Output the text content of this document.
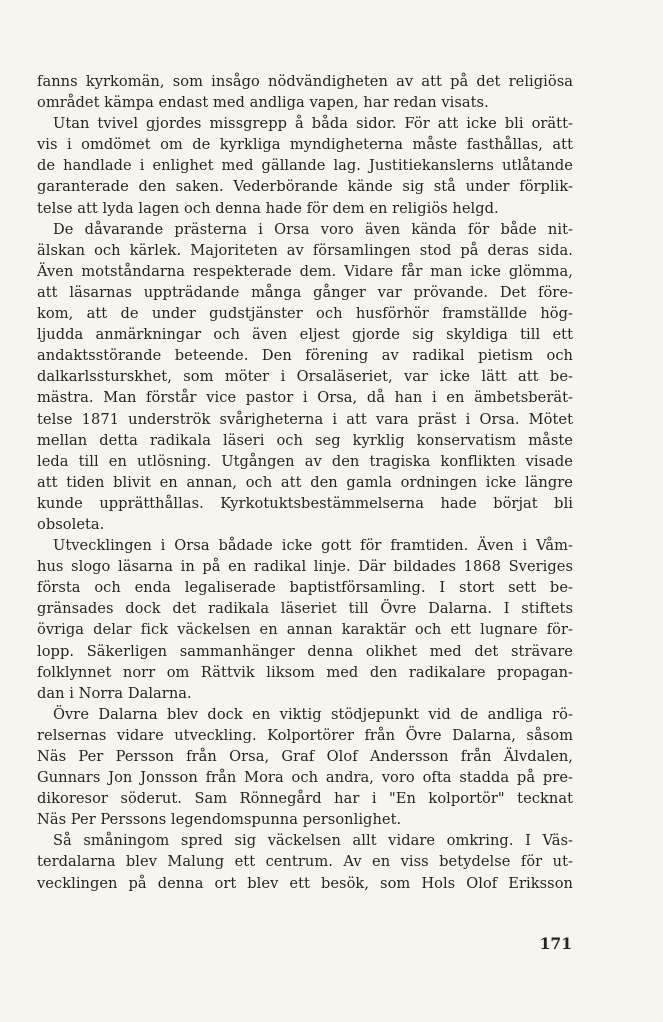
fanns kyrkomän, som insågo nödvändigheten av att på det religiösa
området kämpa endast med andliga vapen, har redan visats.
Utan tvivel gjordes missgrepp å båda sidor. För att icke bli orätt-
vis i omdömet om de kyrkliga myndigheterna måste fasthållas, att
de handlade i enlighet med gällande lag. Justitiekanslerns utlåtande
garanterade den saken. Vederbörande kände sig stå under förplik-
telse att lyda lagen och denna hade för dem en religiös helgd.
De dåvarande prästerna i Orsa voro även kända för både nit-
älskan och kärlek. Majoriteten av församlingen stod på deras sida.
Även motståndarna respekterade dem. Vidare får man icke glömma,
att läsarnas uppträdande många gånger var prövande. Det före-
kom, att de under gudstjänster och husförhör framställde hög-
ljudda anmärkningar och även eljest gjorde sig skyldiga till ett
andaktsstörande beteende. Den förening av radikal pietism och
dalkarlssturskhet, som möter i Orsaläseriet, var icke lätt att be-
mästra. Man förstår vice pastor i Orsa, då han i en ämbetsberät-
telse 1871 underströk svårigheterna i att vara präst i Orsa. Mötet
mellan detta radikala läseri och seg kyrklig konservatism måste
leda till en utlösning. Utgången av den tragiska konflikten visade
att tiden blivit en annan, och att den gamla ordningen icke längre
kunde upprätthållas. Kyrkotuktsbestämmelserna hade börjat bli
obsoleta.
Utvecklingen i Orsa bådade icke gott för framtiden. Även i Våm-
hus slogo läsarna in på en radikal linje. Där bildades 1868 Sveriges
första och enda legaliserade baptistförsamling. I stort sett be-
gränsades dock det radikala läseriet till Övre Dalarna. I stiftets
övriga delar fick väckelsen en annan karaktär och ett lugnare för-
lopp. Säkerligen sammanhänger denna olikhet med det strävare
folklynnet norr om Rättvik liksom med den radikalare propagan-
dan i Norra Dalarna.
Övre Dalarna blev dock en viktig stödjepunkt vid de andliga rö-
relsernas vidare utveckling. Kolportörer från Övre Dalarna, såsom
Näs Per Persson från Orsa, Graf Olof Andersson från Älvdalen,
Gunnars Jon Jonsson från Mora och andra, voro ofta stadda på pre-
dikoresor söderut. Sam Rönnegård har i "En kolportör" tecknat
Näs Per Perssons legendomspunna personlighet.
Så småningom spred sig väckelsen allt vidare omkring. I Väs-
terdalarna blev Malung ett centrum. Av en viss betydelse för ut-
vecklingen på denna ort blev ett besök, som Hols Olof Eriksson
171
